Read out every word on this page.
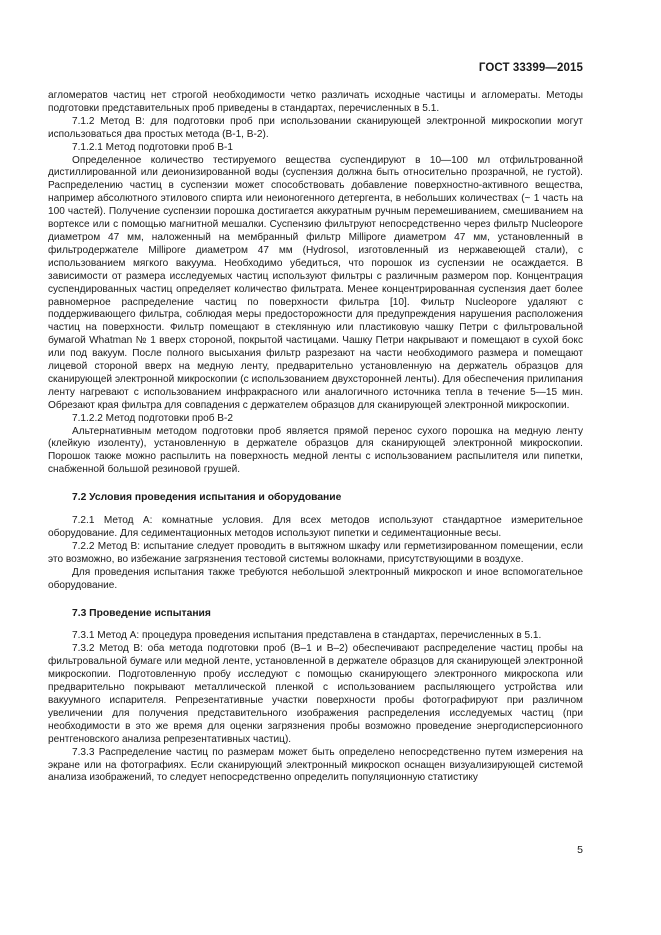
ГОСТ 33399—2015

агломератов частиц нет строгой необходимости четко различать исходные частицы и агломераты. Методы подготовки представительных проб приведены в стандартах, перечисленных в 5.1.

7.1.2 Метод B: для подготовки проб при использовании сканирующей электронной микроскопии могут использоваться два простых метода (B-1, B-2).

7.1.2.1 Метод подготовки проб B-1

Определенное количество тестируемого вещества суспендируют в 10—100 мл отфильтрованной дистиллированной или деионизированной воды (суспензия должна быть относительно прозрачной, не густой). Распределению частиц в суспензии может способствовать добавление поверхностно-активного вещества, например абсолютного этилового спирта или неионогенного детергента, в небольших количествах (~ 1 часть на 100 частей). Получение суспензии порошка достигается аккуратным ручным перемешиванием, смешиванием на вортексе или с помощью магнитной мешалки. Суспензию фильтруют непосредственно через фильтр Nucleopore диаметром 47 мм, наложенный на мембранный фильтр Millipore диаметром 47 мм, установленный в фильтродержателе Millipore диаметром 47 мм (Hydrosol, изготовленный из нержавеющей стали), с использованием мягкого вакуума. Необходимо убедиться, что порошок из суспензии не осаждается. В зависимости от размера исследуемых частиц используют фильтры с различным размером пор. Концентрация суспендированных частиц определяет количество фильтрата. Менее концентрированная суспензия дает более равномерное распределение частиц по поверхности фильтра [10]. Фильтр Nucleopore удаляют с поддерживающего фильтра, соблюдая меры предосторожности для предупреждения нарушения расположения частиц на поверхности. Фильтр помещают в стеклянную или пластиковую чашку Петри с фильтровальной бумагой Whatman № 1 вверх стороной, покрытой частицами. Чашку Петри накрывают и помещают в сухой бокс или под вакуум. После полного высыхания фильтр разрезают на части необходимого размера и помещают лицевой стороной вверх на медную ленту, предварительно установленную на держатель образцов для сканирующей электронной микроскопии (с использованием двухсторонней ленты). Для обеспечения прилипания ленту нагревают с использованием инфракрасного или аналогичного источника тепла в течение 5—15 мин. Обрезают края фильтра для совпадения с держателем образцов для сканирующей электронной микроскопии.

7.1.2.2 Метод подготовки проб B-2

Альтернативным методом подготовки проб является прямой перенос сухого порошка на медную ленту (клейкую изоленту), установленную в держателе образцов для сканирующей электронной микроскопии. Порошок также можно распылить на поверхность медной ленты с использованием распылителя или пипетки, снабженной большой резиновой грушей.

7.2 Условия проведения испытания и оборудование

7.2.1 Метод A: комнатные условия. Для всех методов используют стандартное измерительное оборудование. Для седиментационных методов используют пипетки и седиментационные весы.

7.2.2 Метод B: испытание следует проводить в вытяжном шкафу или герметизированном помещении, если это возможно, во избежание загрязнения тестовой системы волокнами, присутствующими в воздухе.

Для проведения испытания также требуются небольшой электронный микроскоп и иное вспомогательное оборудование.

7.3 Проведение испытания

7.3.1 Метод A: процедура проведения испытания представлена в стандартах, перечисленных в 5.1.

7.3.2 Метод B: оба метода подготовки проб (B–1 и B–2) обеспечивают распределение частиц пробы на фильтровальной бумаге или медной ленте, установленной в держателе образцов для сканирующей электронной микроскопии. Подготовленную пробу исследуют с помощью сканирующего электронного микроскопа или предварительно покрывают металлической пленкой с использованием распыляющего устройства или вакуумного испарителя. Репрезентативные участки поверхности пробы фотографируют при различном увеличении для получения представительного изображения распределения исследуемых частиц (при необходимости в это же время для оценки загрязнения пробы возможно проведение энергодисперсионного рентгеновского анализа репрезентативных частиц).

7.3.3 Распределение частиц по размерам может быть определено непосредственно путем измерения на экране или на фотографиях. Если сканирующий электронный микроскоп оснащен визуализирующей системой анализа изображений, то следует непосредственно определить популяционную статистику

5
